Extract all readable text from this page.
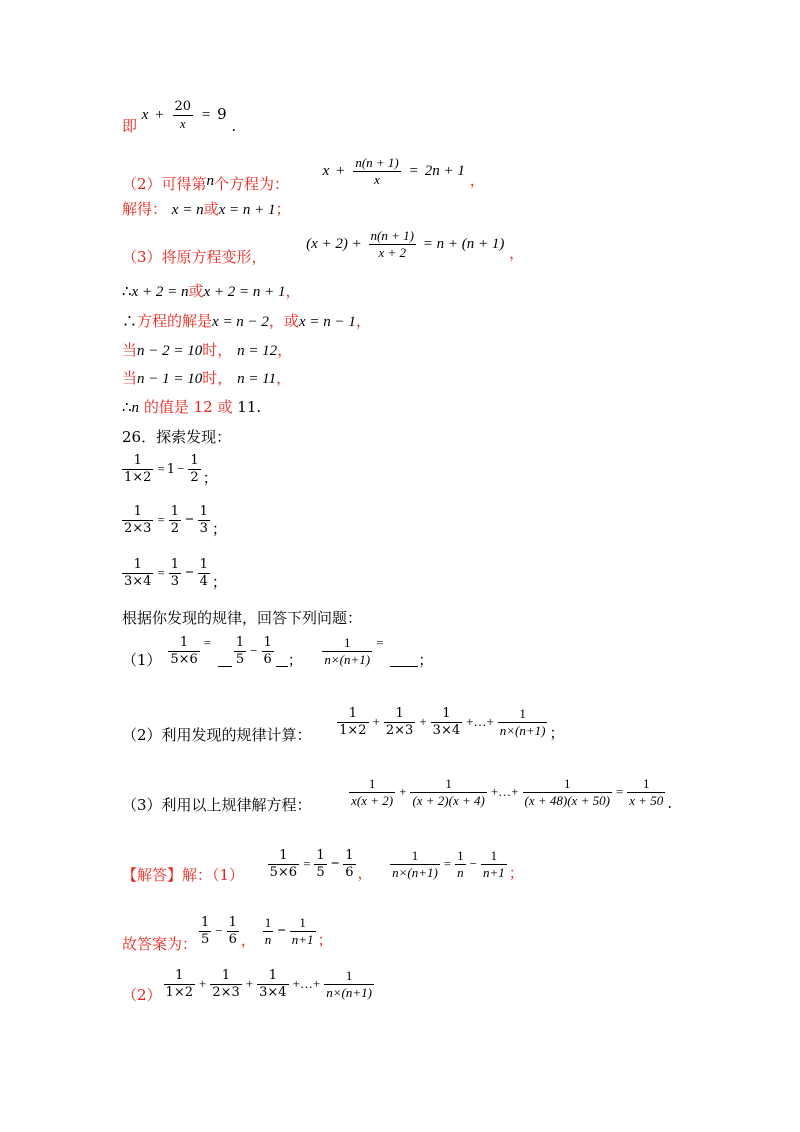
即 $x + \frac{20}{x} = 9$ .
（2）可得第n个方程为：  $x + \frac{n(n + 1)}{x} = 2n + 1$ ，
解得： x = n或x = n + 1；
（3）将原方程变形，  $(x + 2) + \frac{n(n + 1)}{x + 2} = n + (n + 1)$ ，
∴x + 2 = n或x + 2 = n + 1，
∴方程的解是x = n − 2，或x = n − 1，
当n − 2 = 10时， n = 12，
当n − 1 = 10时， n = 11，
∴n 的值是 12 或 11.
26．探索发现：
$\frac{1}{1\times 2} = 1 - \frac{1}{2}$ ；
$\frac{1}{2\times 3} = \frac{1}{2} - \frac{1}{3}$ ；
$\frac{1}{3\times 4} = \frac{1}{3} - \frac{1}{4}$ ；
根据你发现的规律，回答下列问题：
$(1) \frac{1}{5\times 6} = \frac{1}{5} - \frac{1}{6}$ ； $\frac{1}{n\times(n+1)}$ = ；
（2）利用发现的规律计算： $\frac{1}{1\times 2} + \frac{1}{2\times 3} + \frac{1}{3\times 4}$ +…+ $\frac{1}{n\times(n+1)}$ ；
（3）利用以上规律解方程：	$\frac{1}{x(x + 2)} + \frac{1}{(x + 2)(x + 4)}$ +…+ $\frac{1}{(x + 48)(x + 50)} = \frac{1}{x + 50}$ .
【解答】解：$(1) \frac{1}{5\times 6} = \frac{1}{5} - \frac{1}{6}$ ， $\frac{1}{n\times(n+1)} = \frac{1}{n} - \frac{1}{n+1}$ ；
故答案为： $\frac{1}{5} - \frac{1}{6}$ ， $\frac{1}{n} - \frac{1}{n+1}$ ；
$(2) \frac{1}{1\times 2} + \frac{1}{2\times 3} + \frac{1}{3\times 4}$ +…+ $\frac{1}{n\times(n+1)}$
